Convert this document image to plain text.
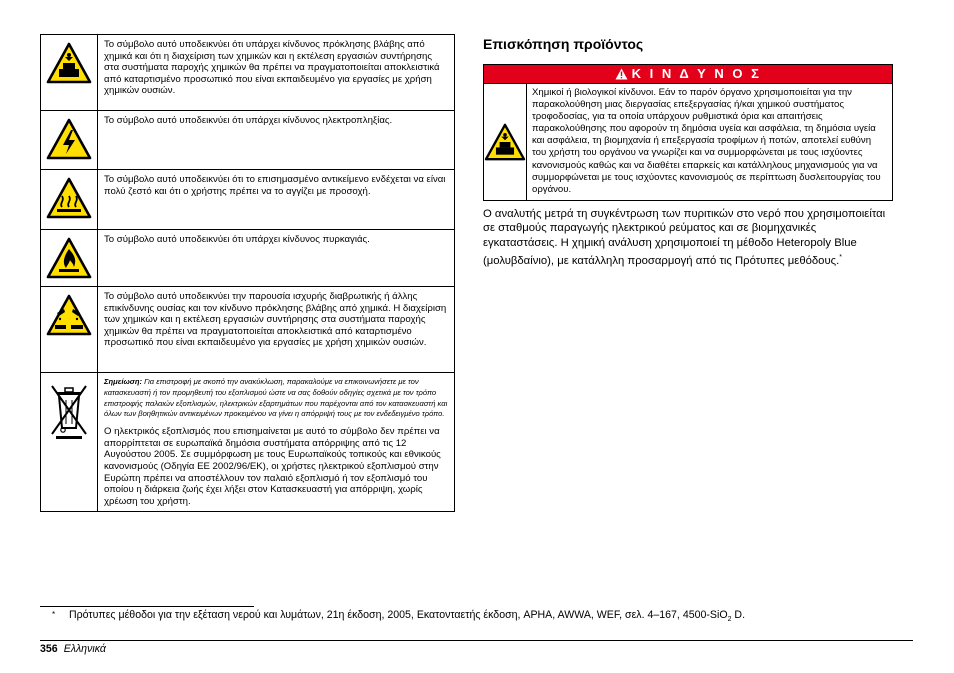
	Το σύμβολο αυτό υποδεικνύει ότι υπάρχει κίνδυνος πρόκλησης βλάβης από χημικά και ότι η διαχείριση των χημικών και η εκτέλεση εργασιών συντήρησης στα συστήματα παροχής χημικών θα πρέπει να πραγματοποιείται αποκλειστικά από καταρτισμένο προσωπικό που είναι εκπαιδευμένο για εργασίες με χρήση χημικών ουσιών.

	Το σύμβολο αυτό υποδεικνύει ότι υπάρχει κίνδυνος ηλεκτροπληξίας.

	Το σύμβολο αυτό υποδεικνύει ότι το επισημασμένο αντικείμενο ενδέχεται να είναι πολύ ζεστό και ότι ο χρήστης πρέπει να το αγγίζει με προσοχή.

	Το σύμβολο αυτό υποδεικνύει ότι υπάρχει κίνδυνος πυρκαγιάς.

	Το σύμβολο αυτό υποδεικνύει την παρουσία ισχυρής διαβρωτικής ή άλλης επικίνδυνης ουσίας και τον κίνδυνο πρόκλησης βλάβης από χημικά. Η διαχείριση των χημικών και η εκτέλεση εργασιών συντήρησης στα συστήματα παροχής χημικών θα πρέπει να πραγματοποιείται αποκλειστικά από καταρτισμένο προσωπικό που είναι εκπαιδευμένο για εργασίες με χρήση χημικών ουσιών.

Σημείωση: Για επιστροφή με σκοπό την ανακύκλωση, παρακαλούμε να επικοινωνήσετε με τον κατασκευαστή ή τον προμηθευτή του εξοπλισμού ώστε να σας δοθούν οδηγίες σχετικά με τον τρόπο επιστροφής παλαιών εξοπλισμών, ηλεκτρικών εξαρτημάτων που παρέχονται από τον κατασκευαστή και όλων των βοηθητικών αντικειμένων προκειμένου να γίνει η απόρριψή τους με τον ενδεδειγμένο τρόπο.
Ο ηλεκτρικός εξοπλισμός που επισημαίνεται με αυτό το σύμβολο δεν πρέπει να απορρίπτεται σε ευρωπαϊκά δημόσια συστήματα απόρριψης από τις 12 Αυγούστου 2005. Σε συμμόρφωση με τους Ευρωπαϊκούς τοπικούς και εθνικούς κανονισμούς (Οδηγία ΕΕ 2002/96/ΕΚ), οι χρήστες ηλεκτρικού εξοπλισμού στην Ευρώπη πρέπει να αποστέλλουν τον παλαιό εξοπλισμό ή τον εξοπλισμό του οποίου η διάρκεια ζωής έχει λήξει στον Κατασκευαστή για απόρριψη, χωρίς χρέωση του χρήστη.
Επισκόπηση προϊόντος
Κ Ι Ν Δ Υ Ν Ο Σ
Χημικοί ή βιολογικοί κίνδυνοι. Εάν το παρόν όργανο χρησιμοποιείται για την παρακολούθηση μιας διεργασίας επεξεργασίας ή/και χημικού συστήματος τροφοδοσίας, για τα οποία υπάρχουν ρυθμιστικά όρια και απαιτήσεις παρακολούθησης που αφορούν τη δημόσια υγεία και ασφάλεια, τη δημόσια υγεία και ασφάλεια, τη βιομηχανία ή επεξεργασία τροφίμων ή ποτών, αποτελεί ευθύνη του χρήστη του οργάνου να γνωρίζει και να συμμορφώνεται με τους ισχύοντες κανονισμούς καθώς και να διαθέτει επαρκείς και κατάλληλους μηχανισμούς για να συμμορφώνεται με τους ισχύοντες κανονισμούς σε περίπτωση δυσλειτουργίας του οργάνου.
Ο αναλυτής μετρά τη συγκέντρωση των πυριτικών στο νερό που χρησιμοποιείται σε σταθμούς παραγωγής ηλεκτρικού ρεύματος και σε βιομηχανικές εγκαταστάσεις. Η χημική ανάλυση χρησιμοποιεί τη μέθοδο Heteropoly Blue (μολυβδαίνιο), με κατάλληλη προσαρμογή από τις Πρότυπες μεθόδους.*
* Πρότυπες μέθοδοι για την εξέταση νερού και λυμάτων, 21η έκδοση, 2005, Εκατονταετής έκδοση, APHA, AWWA, WEF, σελ. 4–167, 4500-SiO$_2$ D.
356 Ελληνικά
